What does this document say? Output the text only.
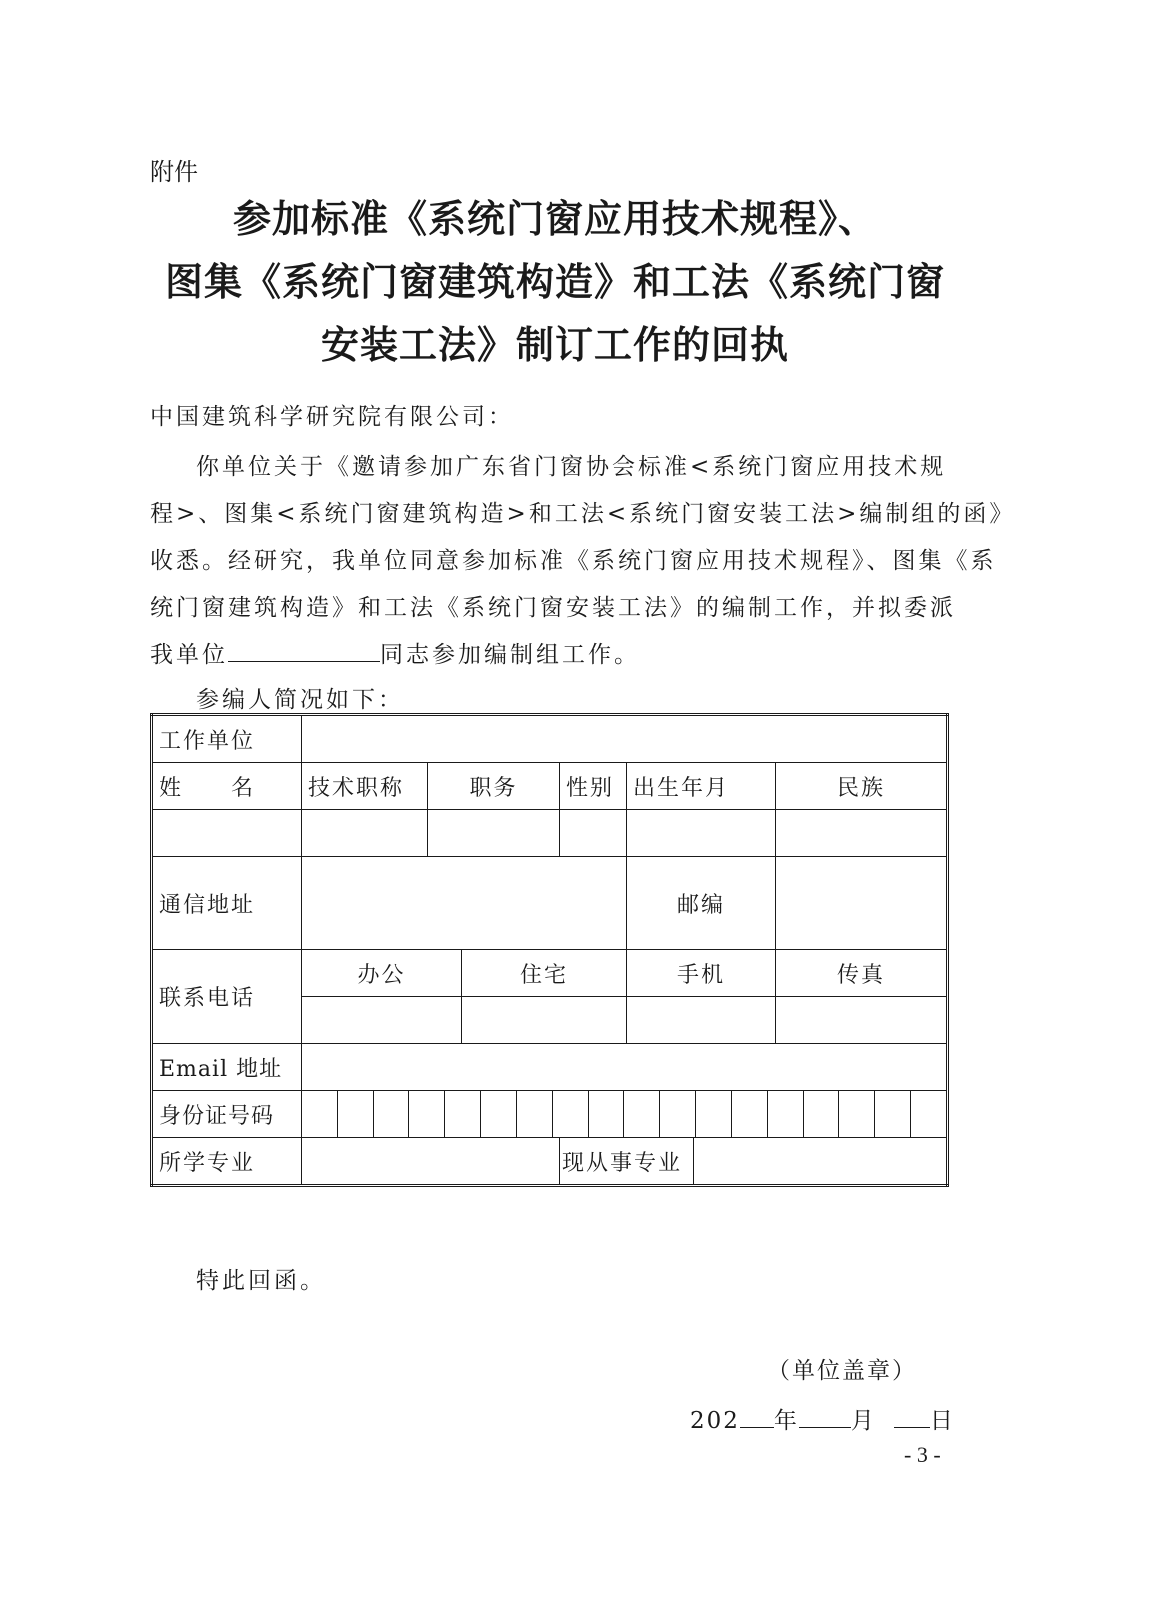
附件
参加标准《系统门窗应用技术规程》、
图集《系统门窗建筑构造》和工法《系统门窗
安装工法》制订工作的回执
中国建筑科学研究院有限公司：
你单位关于《邀请参加广东省门窗协会标准<系统门窗应用技术规
程>、图集<系统门窗建筑构造>和工法<系统门窗安装工法>编制组的函》
收悉。经研究，我单位同意参加标准《系统门窗应用技术规程》、图集《系
统门窗建筑构造》和工法《系统门窗安装工法》的编制工作，并拟委派
我单位	同志参加编制组工作。
参编人简况如下：
工作单位							
姓　　名	技术职称	职务		性别	出生年月		民族

通信地址					邮编		
联系电话	办公		住宅		手机		传真

Email 地址							
身份证号码							

所学专业				现从事专业			
特此回函。
（单位盖章）
202 年 月 日
- 3 -
